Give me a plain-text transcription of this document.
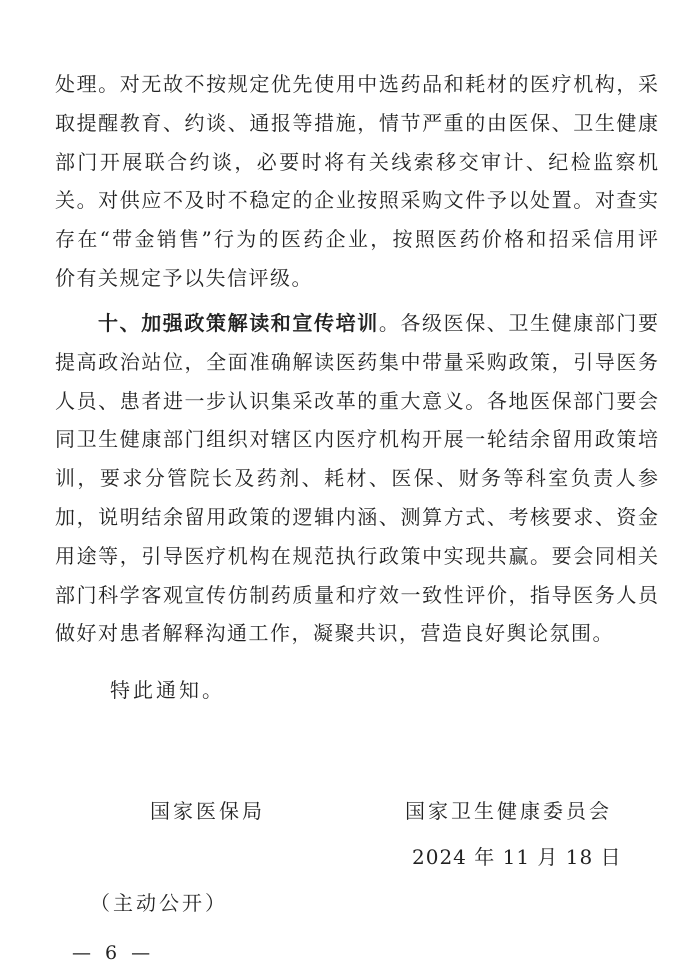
处理。对无故不按规定优先使用中选药品和耗材的医疗机构，采
取提醒教育、约谈、通报等措施，情节严重的由医保、卫生健康
部门开展联合约谈，必要时将有关线索移交审计、纪检监察机
关。对供应不及时不稳定的企业按照采购文件予以处置。对查实
存在“带金销售”行为的医药企业，按照医药价格和招采信用评
价有关规定予以失信评级。
十、加强政策解读和宣传培训。各级医保、卫生健康部门要
提高政治站位，全面准确解读医药集中带量采购政策，引导医务
人员、患者进一步认识集采改革的重大意义。各地医保部门要会
同卫生健康部门组织对辖区内医疗机构开展一轮结余留用政策培
训，要求分管院长及药剂、耗材、医保、财务等科室负责人参
加，说明结余留用政策的逻辑内涵、测算方式、考核要求、资金
用途等，引导医疗机构在规范执行政策中实现共赢。要会同相关
部门科学客观宣传仿制药质量和疗效一致性评价，指导医务人员
做好对患者解释沟通工作，凝聚共识，营造良好舆论氛围。
特此通知。
国家医保局	国家卫生健康委员会
2024 年 11 月 18 日
（主动公开）
— 6 —
